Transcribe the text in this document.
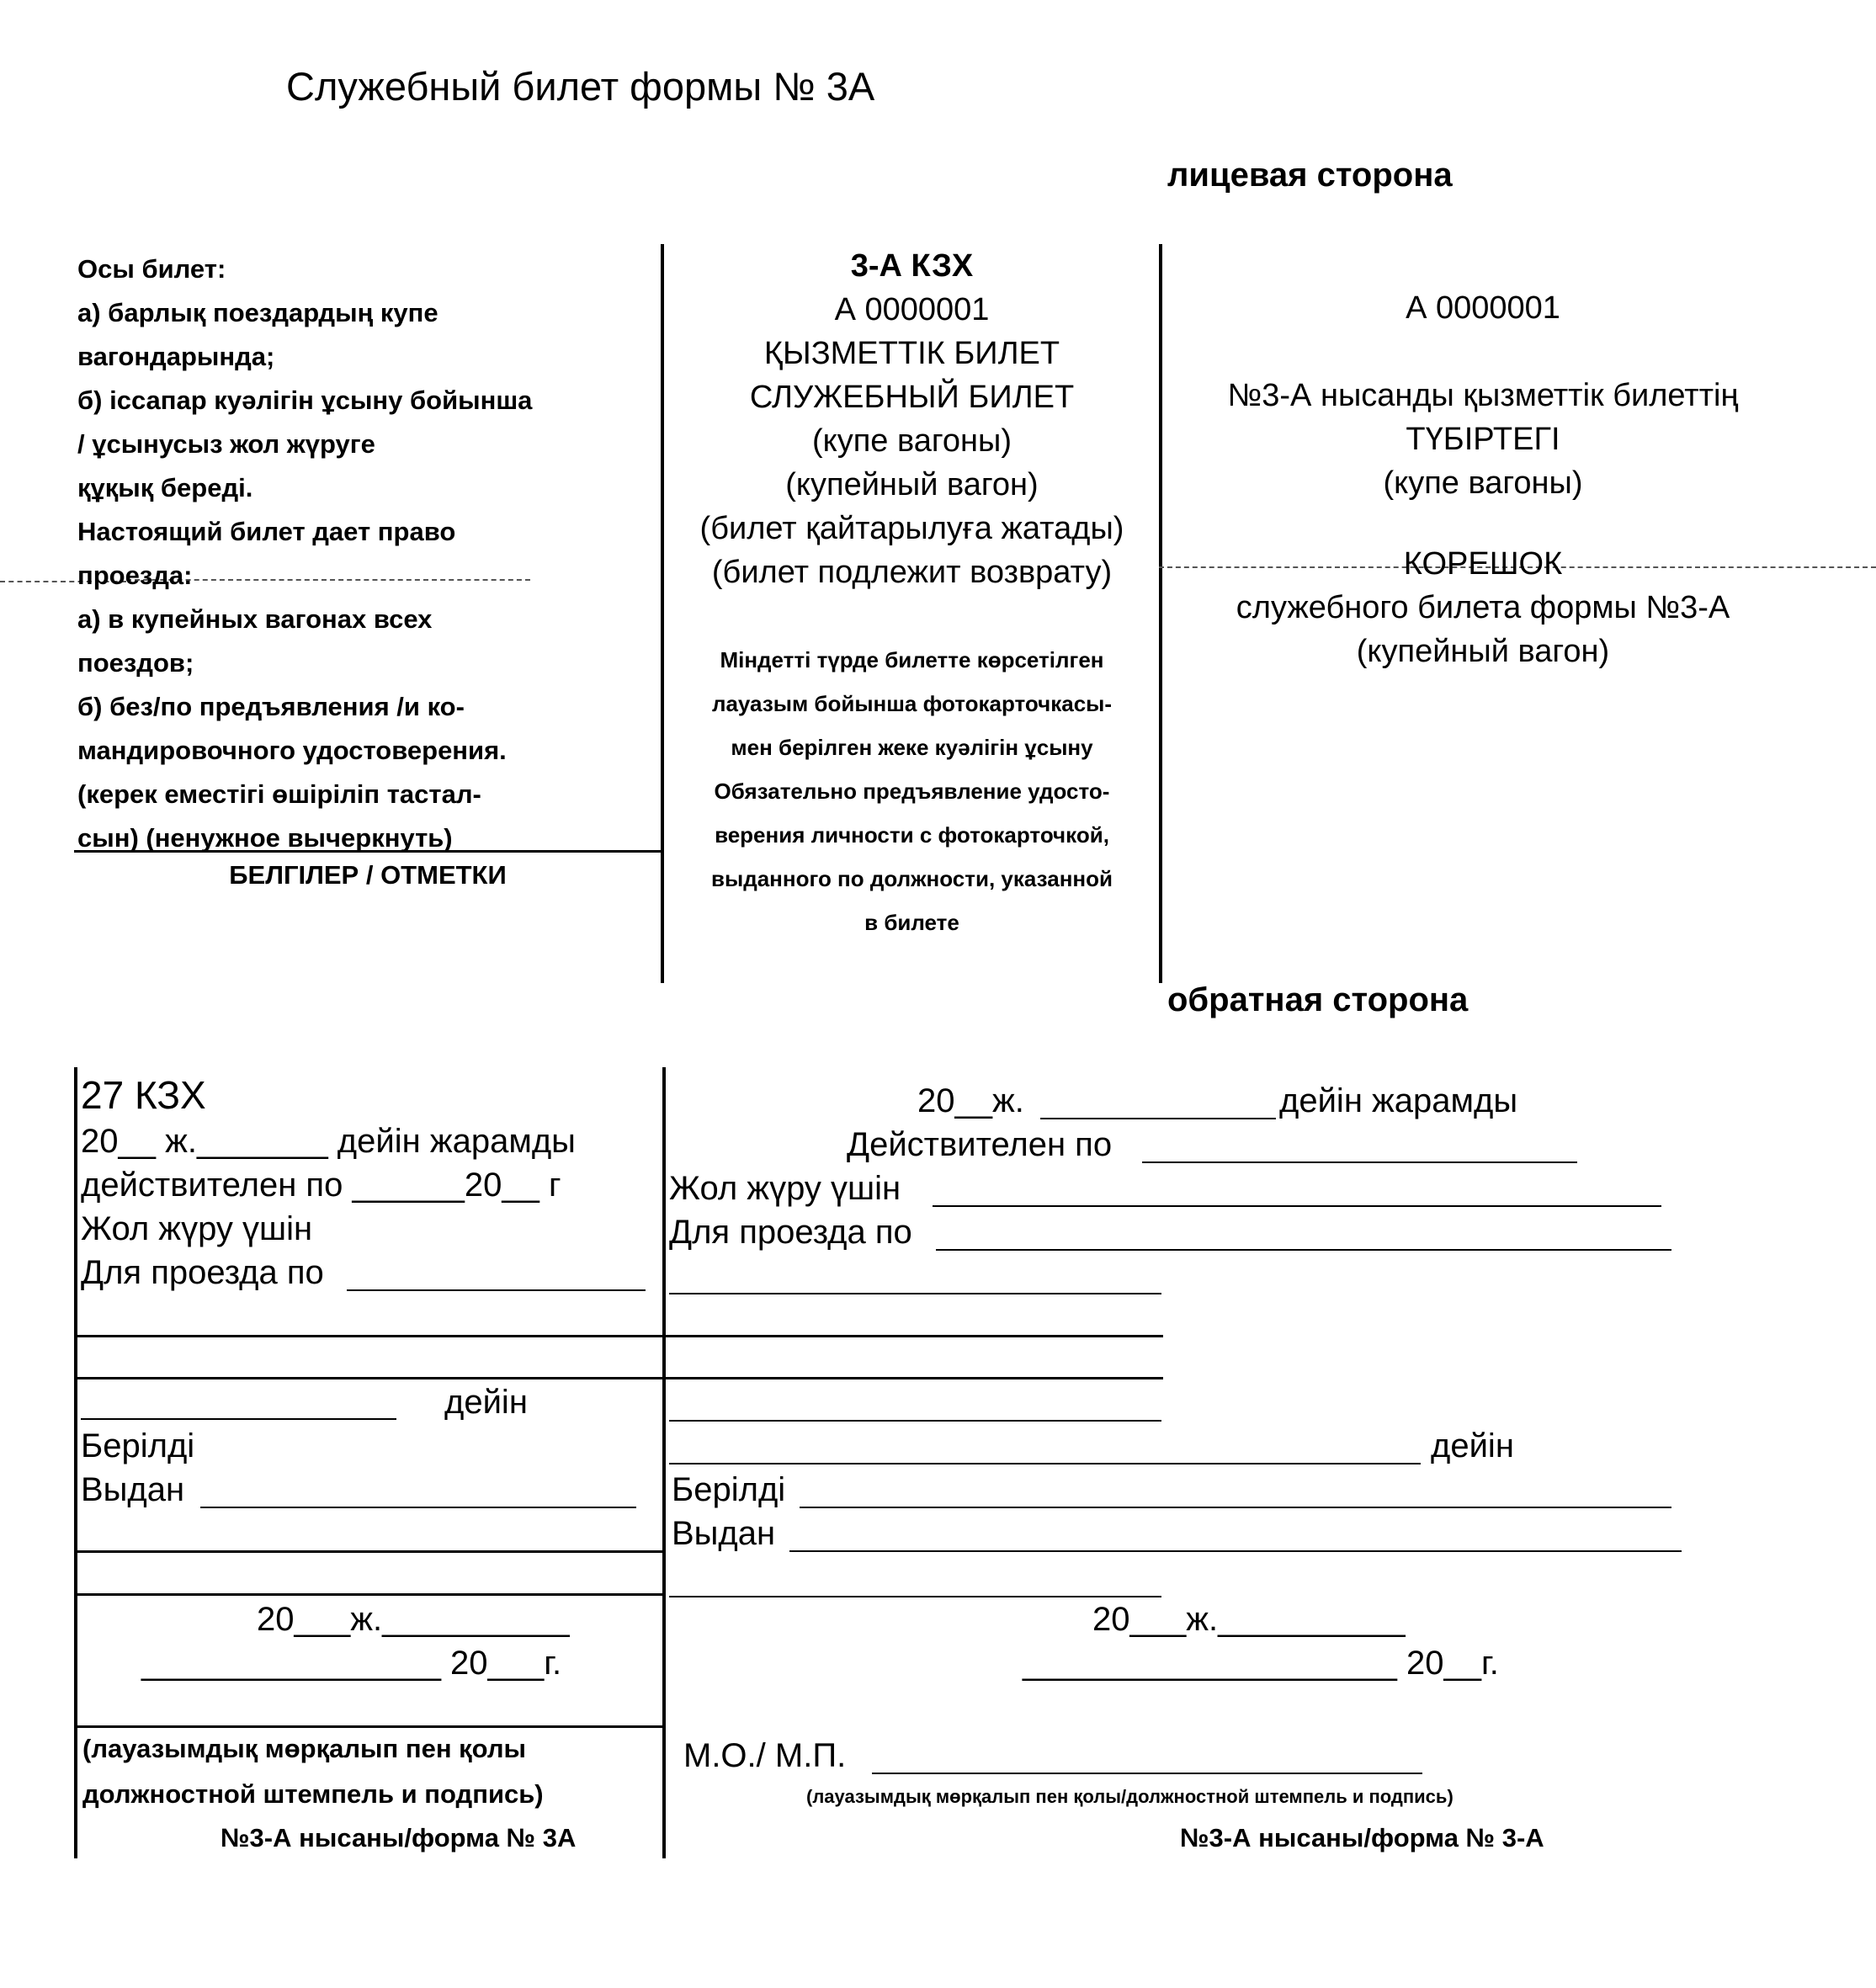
Служебный билет формы № 3А
лицевая сторона
Осы билет:
а) барлық поездардың купе
вагондарында;
б) іссапар куәлігін ұсыну бойынша
/ ұсынусыз жол жүруге
құқық береді.
Настоящий билет дает право
проезда:
а) в купейных вагонах всех
поездов;
б) без/по предъявления /и ко-
мандировочного удостоверения.
(керек еместігі өшіріліп тастал-
сын) (ненужное вычеркнуть)
БЕЛГІЛЕР / ОТМЕТКИ
3-А КЗХ
А 0000001
ҚЫЗМЕТТІК БИЛЕТ
СЛУЖЕБНЫЙ БИЛЕТ
(купе вагоны)
(купейный вагон)
(билет қайтарылуға жатады)
(билет подлежит возврату)
Міндетті түрде билетте көрсетілген
лауазым бойынша фотокарточкасы-
мен берілген жеке куәлігін ұсыну
Обязательно предъявление удосто-
верения личности с фотокарточкой,
выданного по должности, указанной
в билете
А 0000001
№3-А нысанды қызметтік билеттің
ТҮБІРТЕГІ
(купе вагоны)
КОРЕШОК
служебного билета формы №3-А
(купейный вагон)
обратная сторона
27 КЗХ
20__ ж._______ дейін жарамды
действителен по ______20__ г
Жол жүру үшін
Для проезда по
дейін
Берілді
Выдан
20___ж.__________
________________ 20___г.
(лауазымдық мөрқалып пен қолы
должностной штемпель и подпись)
№3-А нысаны/форма № 3А
20__ж.	дейін жарамды
Действителен по
Жол жүру үшін
Для проезда по
дейін
Берілді
Выдан
20___ж.__________
____________________ 20__г.
М.О./ М.П.
(лауазымдық мөрқалып пен қолы/должностной штемпель и подпись)
№3-А нысаны/форма № 3-А
